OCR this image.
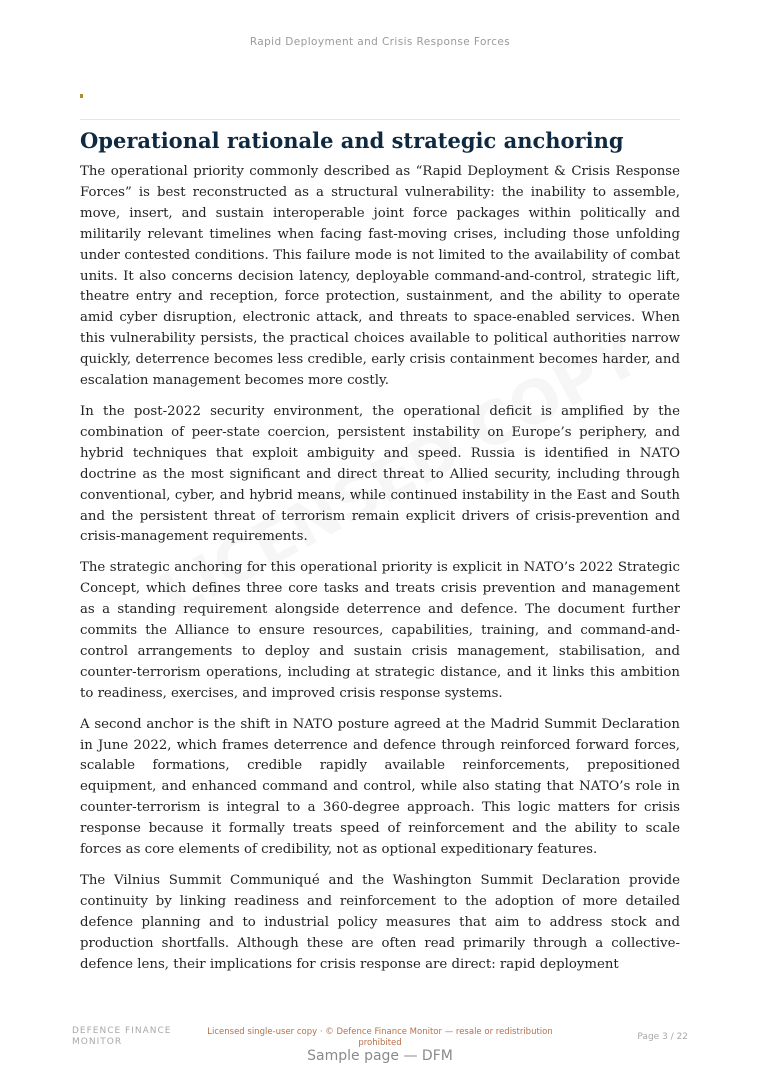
Rapid Deployment and Crisis Response Forces
Operational rationale and strategic anchoring

The operational priority commonly described as “Rapid Deployment & Crisis Response Forces” is best reconstructed as a structural vulnerability: the inability to assemble, move, insert, and sustain interoperable joint force packages within politically and militarily relevant timelines when facing fast-moving crises, including those unfolding under contested conditions. This failure mode is not limited to the availability of combat units. It also concerns decision latency, deployable command-and-control, strategic lift, theatre entry and reception, force protection, sustainment, and the ability to operate amid cyber disruption, electronic attack, and threats to space-enabled services. When this vulnerability persists, the practical choices available to political authorities narrow quickly, deterrence becomes less credible, early crisis containment becomes harder, and escalation management becomes more costly.

In the post-2022 security environment, the operational deficit is amplified by the combination of peer-state coercion, persistent instability on Europe’s periphery, and hybrid techniques that exploit ambiguity and speed. Russia is identified in NATO doctrine as the most significant and direct threat to Allied security, including through conventional, cyber, and hybrid means, while continued instability in the East and South and the persistent threat of terrorism remain explicit drivers of crisis-prevention and crisis-management requirements.

The strategic anchoring for this operational priority is explicit in NATO’s 2022 Strategic Concept, which defines three core tasks and treats crisis prevention and management as a standing requirement alongside deterrence and defence. The document further commits the Alliance to ensure resources, capabilities, training, and command-and-control arrangements to deploy and sustain crisis management, stabilisation, and counter-terrorism operations, including at strategic distance, and it links this ambition to readiness, exercises, and improved crisis response systems.

A second anchor is the shift in NATO posture agreed at the Madrid Summit Declaration in June 2022, which frames deterrence and defence through reinforced forward forces, scalable formations, credible rapidly available reinforcements, prepositioned equipment, and enhanced command and control, while also stating that NATO’s role in counter-terrorism is integral to a 360-degree approach. This logic matters for crisis response because it formally treats speed of reinforcement and the ability to scale forces as core elements of credibility, not as optional expeditionary features.

The Vilnius Summit Communiqué and the Washington Summit Declaration provide continuity by linking readiness and reinforcement to the adoption of more detailed defence planning and to industrial policy measures that aim to address stock and production shortfalls. Although these are often read primarily through a collective-defence lens, their implications for crisis response are direct: rapid deployment

DEFENCE FINANCE
MONITOR
Licensed single-user copy · © Defence Finance Monitor — resale or redistribution prohibited
Page 3 / 22
Sample page — DFM
